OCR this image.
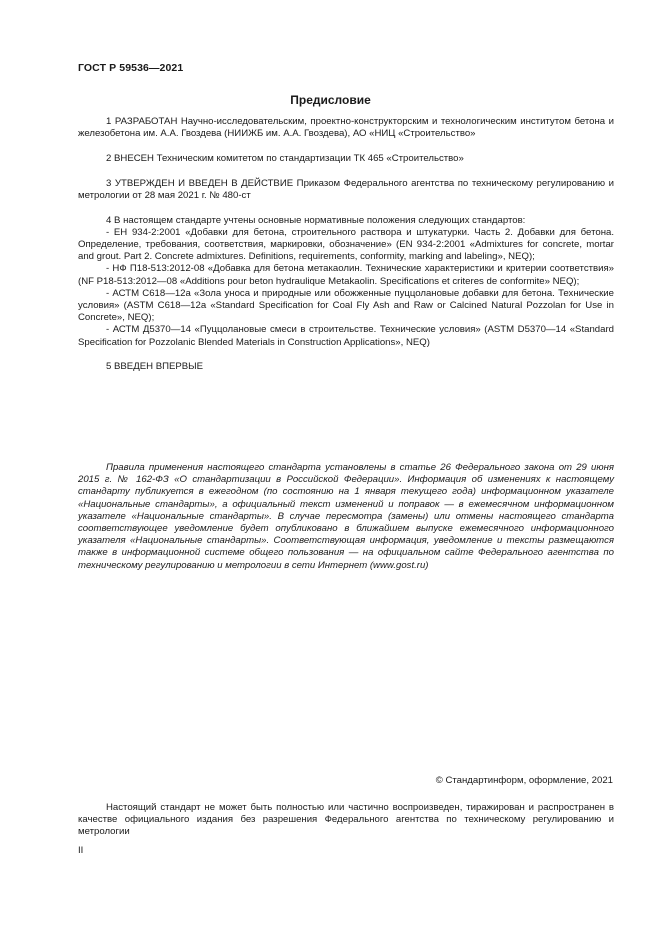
ГОСТ Р 59536—2021
Предисловие

1 РАЗРАБОТАН Научно-исследовательским, проектно-конструкторским и технологическим институтом бетона и железобетона им. А.А. Гвоздева (НИИЖБ им. А.А. Гвоздева), АО «НИЦ «Строительство»

2 ВНЕСЕН Техническим комитетом по стандартизации ТК 465 «Строительство»

3 УТВЕРЖДЕН И ВВЕДЕН В ДЕЙСТВИЕ Приказом Федерального агентства по техническому регулированию и метрологии от 28 мая 2021 г. № 480-ст

4 В настоящем стандарте учтены основные нормативные положения следующих стандартов:

- ЕН 934-2:2001 «Добавки для бетона, строительного раствора и штукатурки. Часть 2. Добавки для бетона. Определение, требования, соответствия, маркировки, обозначение» (EN 934-2:2001 «Admixtures for concrete, mortar and grout. Part 2. Concrete admixtures. Definitions, requirements, conformity, marking and labeling», NEQ);

- НФ П18-513:2012-08 «Добавка для бетона метакаолин. Технические характеристики и критерии соответствия» (NF P18-513:2012—08 «Additions pour beton hydraulique Metakaolin. Specifications et criteres de conformite» NEQ);

- АСТМ С618—12а «Зола уноса и природные или обожженные пуццолановые добавки для бетона. Технические условия» (ASTM C618—12a «Standard Specification for Coal Fly Ash and Raw or Calcined Natural Pozzolan for Use in Concrete», NEQ);

- АСТМ Д5370—14 «Пуццолановые смеси в строительстве. Технические условия» (ASTM D5370—14 «Standard Specification for Pozzolanic Blended Materials in Construction Applications», NEQ)

5 ВВЕДЕН ВПЕРВЫЕ

Правила применения настоящего стандарта установлены в статье 26 Федерального закона от 29 июня 2015 г. № 162-ФЗ «О стандартизации в Российской Федерации». Информация об изменениях к настоящему стандарту публикуется в ежегодном (по состоянию на 1 января текущего года) информационном указателе «Национальные стандарты», а официальный текст изменений и поправок — в ежемесячном информационном указателе «Национальные стандарты». В случае пересмотра (замены) или отмены настоящего стандарта соответствующее уведомление будет опубликовано в ближайшем выпуске ежемесячного информационного указателя «Национальные стандарты». Соответствующая информация, уведомление и тексты размещаются также в информационной системе общего пользования — на официальном сайте Федерального агентства по техническому регулированию и метрологии в сети Интернет (www.gost.ru)

© Стандартинформ, оформление, 2021

Настоящий стандарт не может быть полностью или частично воспроизведен, тиражирован и распространен в качестве официального издания без разрешения Федерального агентства по техническому регулированию и метрологии

II
